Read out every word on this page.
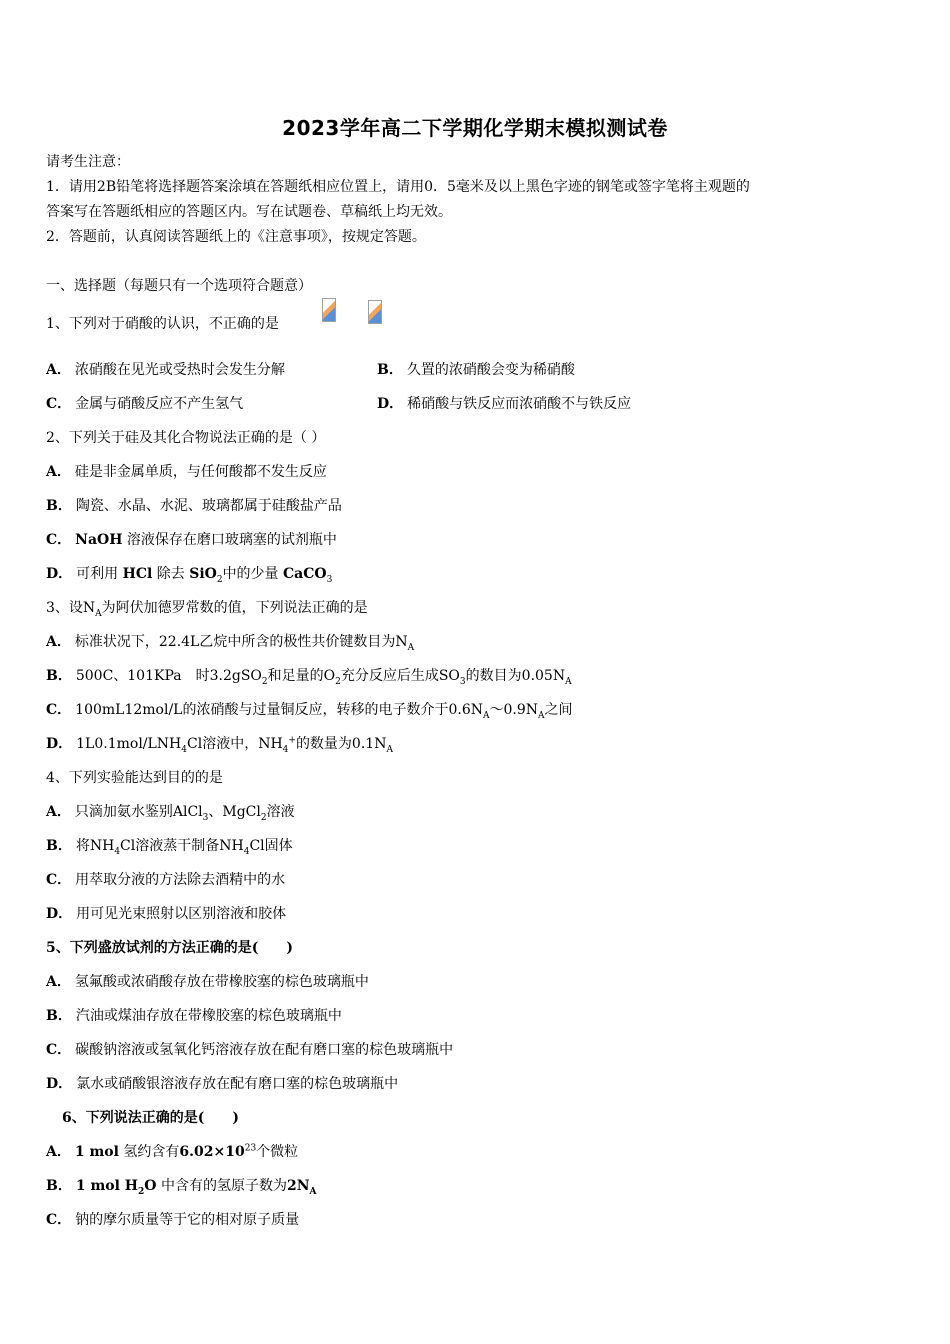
2023学年高二下学期化学期末模拟测试卷
请考生注意：
1．请用2B铅笔将选择题答案涂填在答题纸相应位置上，请用0．5毫米及以上黑色字迹的钢笔或签字笔将主观题的
答案写在答题纸相应的答题区内。写在试题卷、草稿纸上均无效。
2．答题前，认真阅读答题纸上的《注意事项》，按规定答题。
一、选择题（每题只有一个选项符合题意）
1、下列对于硝酸的认识，不正确的是
A． 浓硝酸在见光或受热时会发生分解	B． 久置的浓硝酸会变为稀硝酸
C． 金属与硝酸反应不产生氢气	D． 稀硝酸与铁反应而浓硝酸不与铁反应
2、下列关于硅及其化合物说法正确的是（ ）
A． 硅是非金属单质，与任何酸都不发生反应
B． 陶瓷、水晶、水泥、玻璃都属于硅酸盐产品
C． NaOH 溶液保存在磨口玻璃塞的试剂瓶中
D． 可利用 HCl 除去 SiO$_2$中的少量 CaCO$_3$
3、设$N_A$为阿伏加德罗常数的值，下列说法正确的是
A． 标准状况下，22.4L乙烷中所含的极性共价键数目为$N_A$
B． 500C、101KPa　时3.2gSO$_2$和足量的$O_2$充分反应后生成$SO_3$的数目为$0.05N_A$
C． 100mL12mol/L的浓硝酸与过量铜反应，转移的电子数介于$0.6N_A\sim 0.9N_A$之间
D． $1L0.1mol/LNH_4Cl$溶液中，$NH_4^+$的数量为$0.1N_A$
4、下列实验能达到目的的是
A． 只滴加氨水鉴别AlCl$_3$、MgCl$_2$溶液
B． 将$NH_4Cl$溶液蒸干制备$NH_4Cl$固体
C． 用萃取分液的方法除去酒精中的水
D． 用可见光束照射以区别溶液和胶体
5、下列盛放试剂的方法正确的是(　　)
A． 氢氟酸或浓硝酸存放在带橡胶塞的棕色玻璃瓶中
B． 汽油或煤油存放在带橡胶塞的棕色玻璃瓶中
C． 碳酸钠溶液或氢氧化钙溶液存放在配有磨口塞的棕色玻璃瓶中
D． 氯水或硝酸银溶液存放在配有磨口塞的棕色玻璃瓶中
6、下列说法正确的是(　　)
A． 1 mol 氢约含有$6.02\times 10^{23}$个微粒
B． 1 mol $H_2O$ 中含有的氢原子数为$2N_A$
C． 钠的摩尔质量等于它的相对原子质量
